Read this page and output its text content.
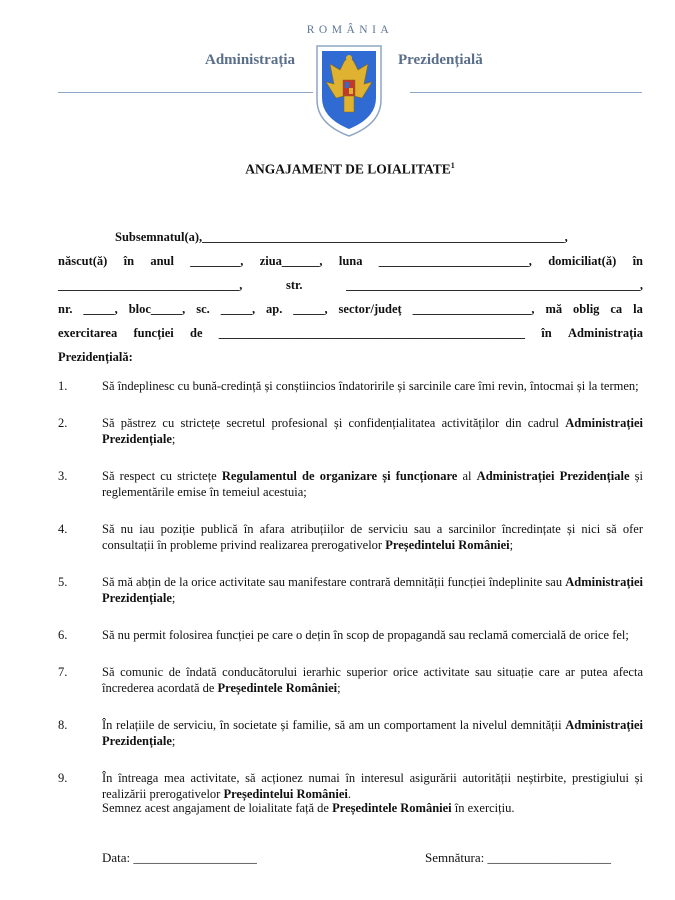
ROMÂNIA
Administrația	Prezidențială
ANGAJAMENT DE LOIALITATE$^1$
Subsemnatul(a),__________________________________________________________,
născut(ă) în anul ________, ziua______, luna ________________________, domiciliat(ă) în
_____________________________,	str.	_______________________________________________,
nr. _____, bloc_____, sc. _____, ap. _____, sector/județ ___________________, mă oblig ca la
exercitarea funcției de _________________________________________________ în Administrația
Prezidențială:
1.	Să îndeplinesc cu bună-credință și conștiincios îndatoririle și sarcinile care îmi revin, întocmai și la termen;
2.	Să păstrez cu strictețe secretul profesional și confidențialitatea activităților din cadrul Administrației Prezidențiale;
3.	Să respect cu strictețe Regulamentul de organizare și funcționare al Administrației Prezidențiale și reglementările emise în temeiul acestuia;
4.	Să nu iau poziție publică în afara atribuțiilor de serviciu sau a sarcinilor încredințate și nici să ofer consultații în probleme privind realizarea prerogativelor Președintelui României;
5.	Să mă abțin de la orice activitate sau manifestare contrară demnității funcției îndeplinite sau Administrației Prezidențiale;
6.	Să nu permit folosirea funcției pe care o dețin în scop de propagandă sau reclamă comercială de orice fel;
7.	Să comunic de îndată conducătorului ierarhic superior orice activitate sau situație care ar putea afecta încrederea acordată de Președintele României;
8.	În relațiile de serviciu, în societate și familie, să am un comportament la nivelul demnității Administrației Prezidențiale;
9.	În întreaga mea activitate, să acționez numai în interesul asigurării autorității neștirbite, prestigiului și realizării prerogativelor Președintelui României.
Semnez acest angajament de loialitate față de Președintele României în exercițiu.
Data: ___________________	Semnătura: ___________________
